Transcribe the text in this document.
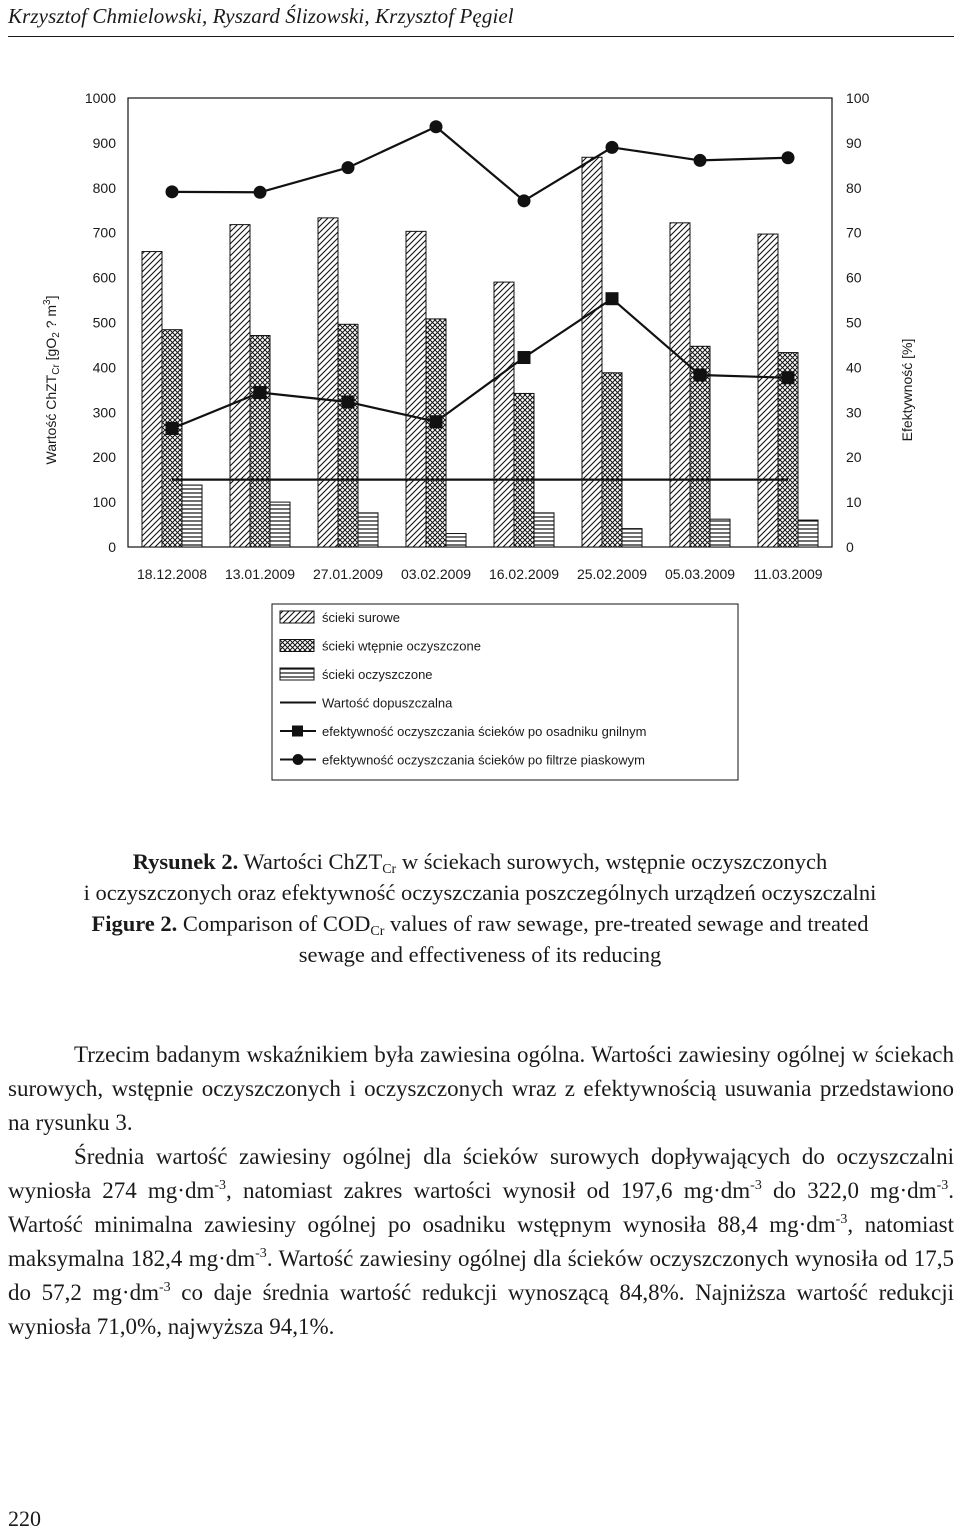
Krzysztof Chmielowski, Ryszard Ślizowski, Krzysztof Pęgiel
0
100
200
300
400
500
600
700
800
900
1000
0
10
20
30
40
50
60
70
80
90
100
18.12.2008 13.01.2009 27.01.2009 03.02.2009 16.02.2009 25.02.2009 05.03.2009 11.03.2009
Wartość ChZT$_{Cr}$ [$gO_2$ ? $m^3$]
Efektywność [%]
ścieki surowe
ścieki wtępnie oczyszczone
ścieki oczyszczone
Wartość dopuszczalna
efektywność oczyszczania ścieków po osadniku gnilnym
efektywność oczyszczania ścieków po filtrze piaskowym
Rysunek 2. Wartości ChZT$_{Cr}$ w ściekach surowych, wstępnie oczyszczonych
i oczyszczonych oraz efektywność oczyszczania poszczególnych urządzeń oczyszczalni
Figure 2. Comparison of $COD_{Cr}$ values of raw sewage, pre-treated sewage and treated
sewage and effectiveness of its reducing

Trzecim badanym wskaźnikiem była zawiesina ogólna. Wartości zawiesiny ogólnej w ściekach surowych, wstępnie oczyszczonych i oczyszczonych wraz z efektywnością usuwania przedstawiono na rysunku 3.

Średnia wartość zawiesiny ogólnej dla ścieków surowych dopływających do oczyszczalni wyniosła 274 $mg\cdot dm^{-3}$, natomiast zakres wartości wynosił od 197,6 $mg\cdot dm^{-3}$ do 322,0 $mg\cdot dm^{-3}$. Wartość minimalna zawiesiny ogólnej po osadniku wstępnym wynosiła 88,4 $mg\cdot dm^{-3}$, natomiast maksymalna 182,4 $mg\cdot dm^{-3}$. Wartość zawiesiny ogólnej dla ścieków oczyszczonych wynosiła od 17,5 do 57,2 $mg\cdot dm^{-3}$ co daje średnia wartość redukcji wynoszącą 84,8%. Najniższa wartość redukcji wyniosła 71,0%, najwyższa 94,1%.

220
